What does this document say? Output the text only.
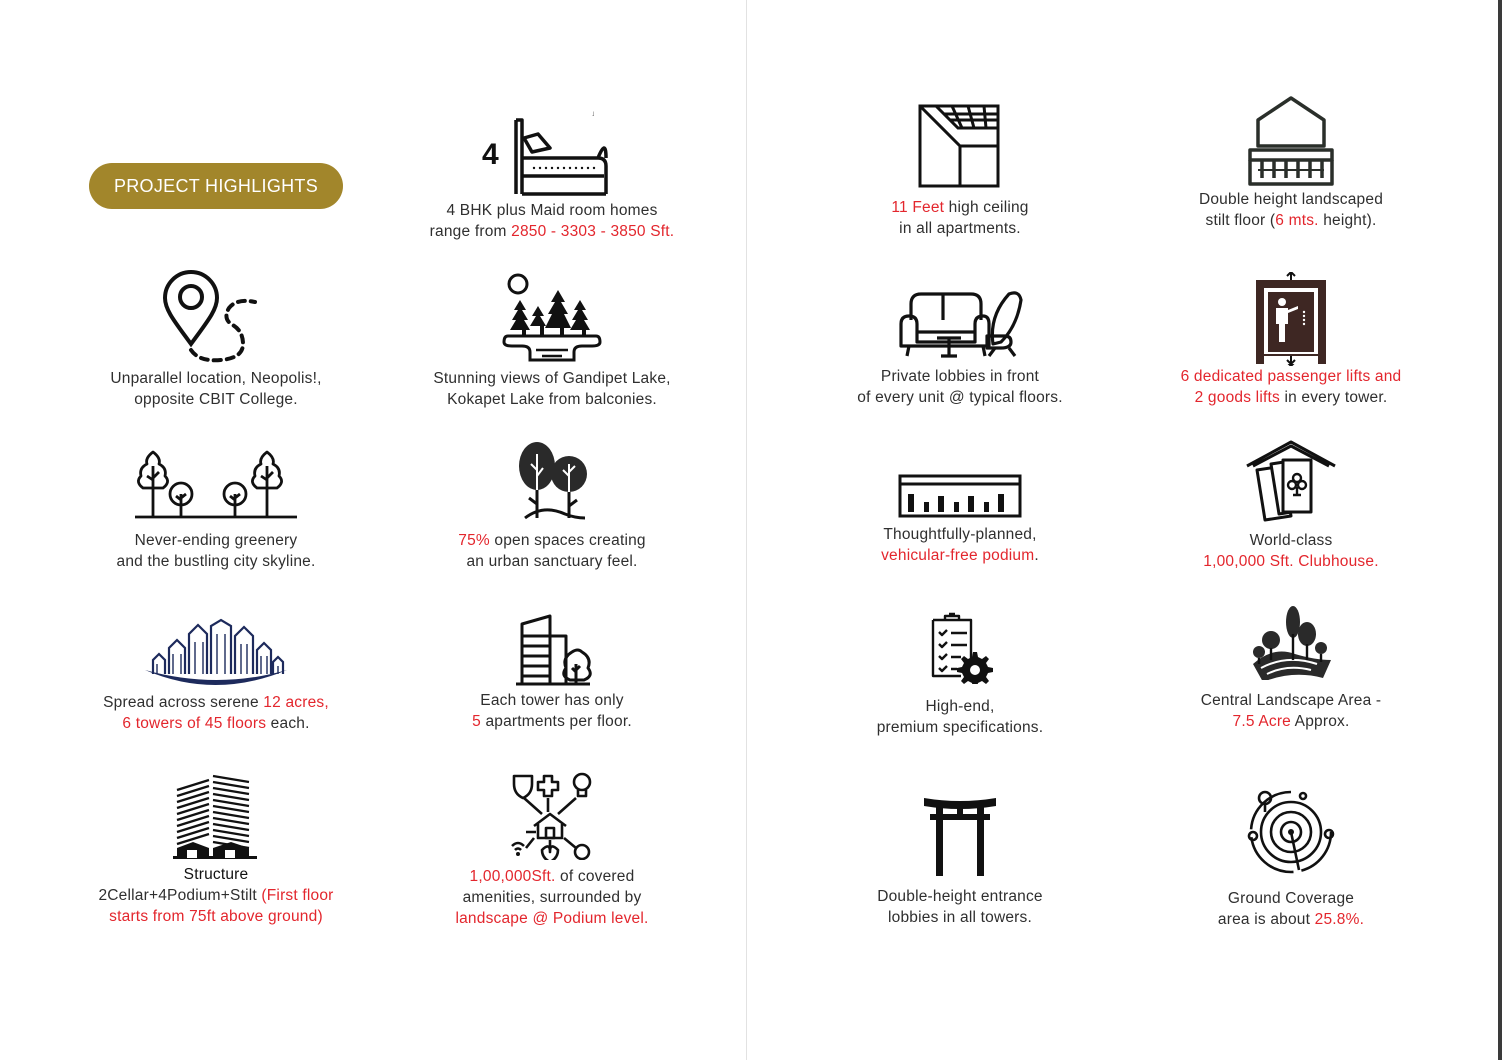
˩
PROJECT HIGHLIGHTS
4
4 BHK plus Maid room homes
range from 2850 - 3303 - 3850 Sft.
Unparallel location, Neopolis!,
opposite CBIT College.
Stunning views of Gandipet Lake,
Kokapet Lake from balconies.
Never-ending greenery
and the bustling city skyline.
75% open spaces creating
an urban sanctuary feel.
Spread across serene 12 acres,
6 towers of 45 floors each.
Each tower has only
5 apartments per floor.
Structure
2Cellar+4Podium+Stilt (First floor
starts from 75ft above ground)
1,00,000Sft. of covered
amenities, surrounded by
landscape @ Podium level.
11 Feet high ceiling
in all apartments.
Double height landscaped
stilt floor (6 mts. height).
Private lobbies in front
of every unit @ typical floors.
6 dedicated passenger lifts and
2 goods lifts in every tower.
Thoughtfully-planned,
vehicular-free podium.
World-class
1,00,000 Sft. Clubhouse.
High-end,
premium specifications.
Central Landscape Area -
7.5 Acre Approx.
Double-height entrance
lobbies in all towers.
Ground Coverage
area is about 25.8%.
